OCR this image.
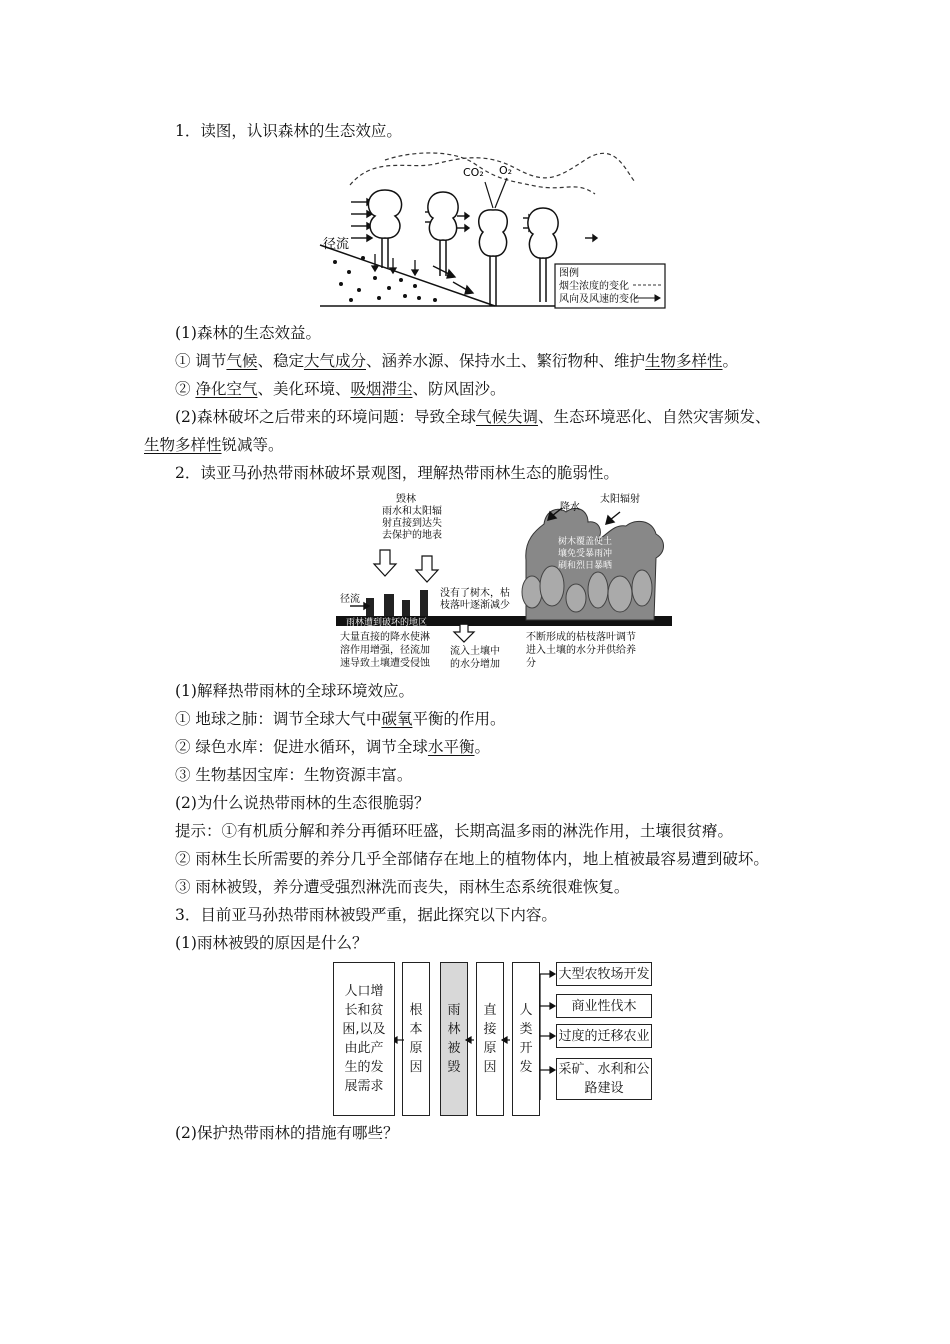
1．读图，认识森林的生态效应。
CO₂ O₂
径流
图例
烟尘浓度的变化
风向及风速的变化
(1)森林的生态效益。
① 调节气候、稳定大气成分、涵养水源、保持水土、繁衍物种、维护生物多样性。
② 净化空气、美化环境、吸烟滞尘、防风固沙。
(2)森林破坏之后带来的环境问题：导致全球气候失调、生态环境恶化、自然灾害频发、
生物多样性锐减等。
2．读亚马孙热带雨林破坏景观图，理解热带雨林生态的脆弱性。
雨林遭到破坏的地区
毁林
雨水和太阳辐
射直接到达失
去保护的地表
径流
没有了树木，枯
枝落叶逐渐减少
降水
太阳辐射
树木覆盖使土
壤免受暴雨冲
刷和烈日暴晒
大量直接的降水使淋
溶作用增强，径流加
速导致土壤遭受侵蚀
流入土壤中
的水分增加
不断形成的枯枝落叶调节
进入土壤的水分并供给养
分
(1)解释热带雨林的全球环境效应。
① 地球之肺：调节全球大气中碳氧平衡的作用。
② 绿色水库：促进水循环，调节全球水平衡。
③ 生物基因宝库：生物资源丰富。
(2)为什么说热带雨林的生态很脆弱？
提示：①有机质分解和养分再循环旺盛，长期高温多雨的淋洗作用，土壤很贫瘠。
② 雨林生长所需要的养分几乎全部储存在地上的植物体内，地上植被最容易遭到破坏。
③ 雨林被毁，养分遭受强烈淋洗而丧失，雨林生态系统很难恢复。
3．目前亚马孙热带雨林被毁严重，据此探究以下内容。
(1)雨林被毁的原因是什么？
人口增
长和贫
困,以及
由此产
生的发
展需求
根
本
原
因
雨
林
被
毁
直
接
原
因
人
类
开
发
大型农牧场开发
商业性伐木
过度的迁移农业
采矿、水利和公路建设
(2)保护热带雨林的措施有哪些？
